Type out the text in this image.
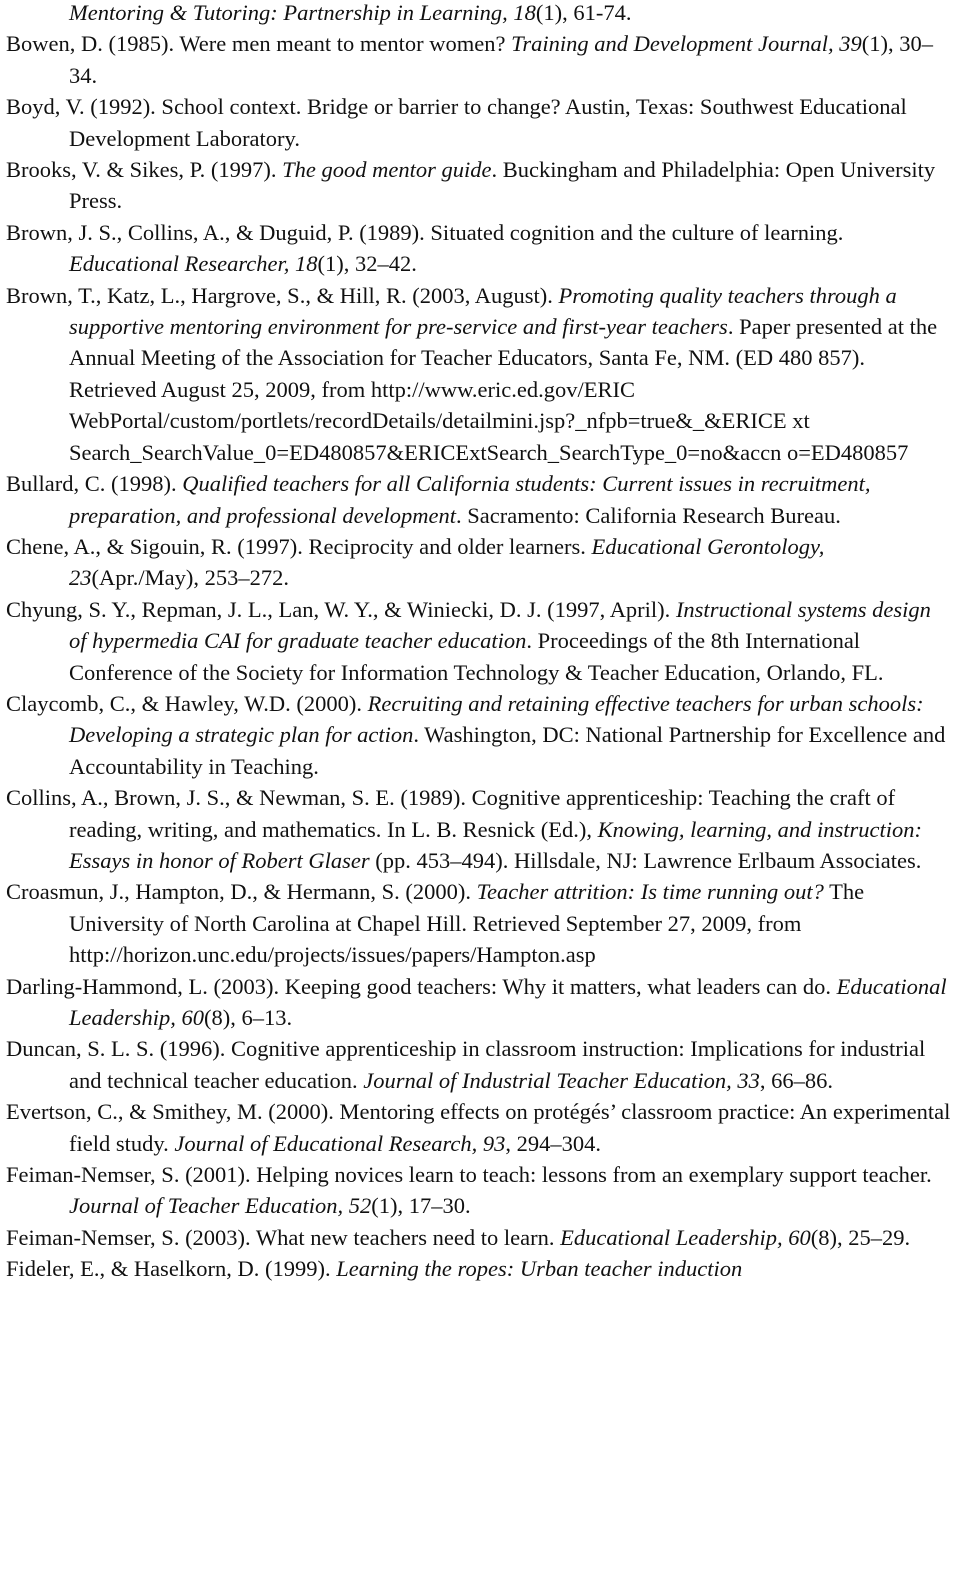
Mentoring & Tutoring: Partnership in Learning, 18(1), 61-74.

Bowen, D. (1985). Were men meant to mentor women? Training and Development Journal, 39(1), 30–34.

Boyd, V. (1992). School context. Bridge or barrier to change? Austin, Texas: Southwest Educational Development Laboratory.

Brooks, V. & Sikes, P. (1997). The good mentor guide. Buckingham and Philadelphia: Open University Press.

Brown, J. S., Collins, A., & Duguid, P. (1989). Situated cognition and the culture of learning. Educational Researcher, 18(1), 32–42.

Brown, T., Katz, L., Hargrove, S., & Hill, R. (2003, August). Promoting quality teachers through a supportive mentoring environment for pre-service and first-year teachers. Paper presented at the Annual Meeting of the Association for Teacher Educators, Santa Fe, NM. (ED 480 857). Retrieved August 25, 2009, from http://www.eric.ed.gov/ERIC WebPortal/custom/portlets/recordDetails/detailmini.jsp?_nfpb=true&_&ERICE xt Search_SearchValue_0=ED480857&ERICExtSearch_SearchType_0=no&accn o=ED480857

Bullard, C. (1998). Qualified teachers for all California students: Current issues in recruitment, preparation, and professional development. Sacramento: California Research Bureau.

Chene, A., & Sigouin, R. (1997). Reciprocity and older learners. Educational Gerontology, 23(Apr./May), 253–272.

Chyung, S. Y., Repman, J. L., Lan, W. Y., & Winiecki, D. J. (1997, April). Instructional systems design of hypermedia CAI for graduate teacher education. Proceedings of the 8th International Conference of the Society for Information Technology & Teacher Education, Orlando, FL.

Claycomb, C., & Hawley, W.D. (2000). Recruiting and retaining effective teachers for urban schools: Developing a strategic plan for action. Washington, DC: National Partnership for Excellence and Accountability in Teaching.

Collins, A., Brown, J. S., & Newman, S. E. (1989). Cognitive apprenticeship: Teaching the craft of reading, writing, and mathematics. In L. B. Resnick (Ed.), Knowing, learning, and instruction: Essays in honor of Robert Glaser (pp. 453–494). Hillsdale, NJ: Lawrence Erlbaum Associates.

Croasmun, J., Hampton, D., & Hermann, S. (2000). Teacher attrition: Is time running out? The University of North Carolina at Chapel Hill. Retrieved September 27, 2009, from http://horizon.unc.edu/projects/issues/papers/Hampton.asp

Darling-Hammond, L. (2003). Keeping good teachers: Why it matters, what leaders can do. Educational Leadership, 60(8), 6–13.

Duncan, S. L. S. (1996). Cognitive apprenticeship in classroom instruction: Implications for industrial and technical teacher education. Journal of Industrial Teacher Education, 33, 66–86.

Evertson, C., & Smithey, M. (2000). Mentoring effects on protégés’ classroom practice: An experimental field study. Journal of Educational Research, 93, 294–304.

Feiman-Nemser, S. (2001). Helping novices learn to teach: lessons from an exemplary support teacher. Journal of Teacher Education, 52(1), 17–30.

Feiman-Nemser, S. (2003). What new teachers need to learn. Educational Leadership, 60(8), 25–29.

Fideler, E., & Haselkorn, D. (1999). Learning the ropes: Urban teacher induction
